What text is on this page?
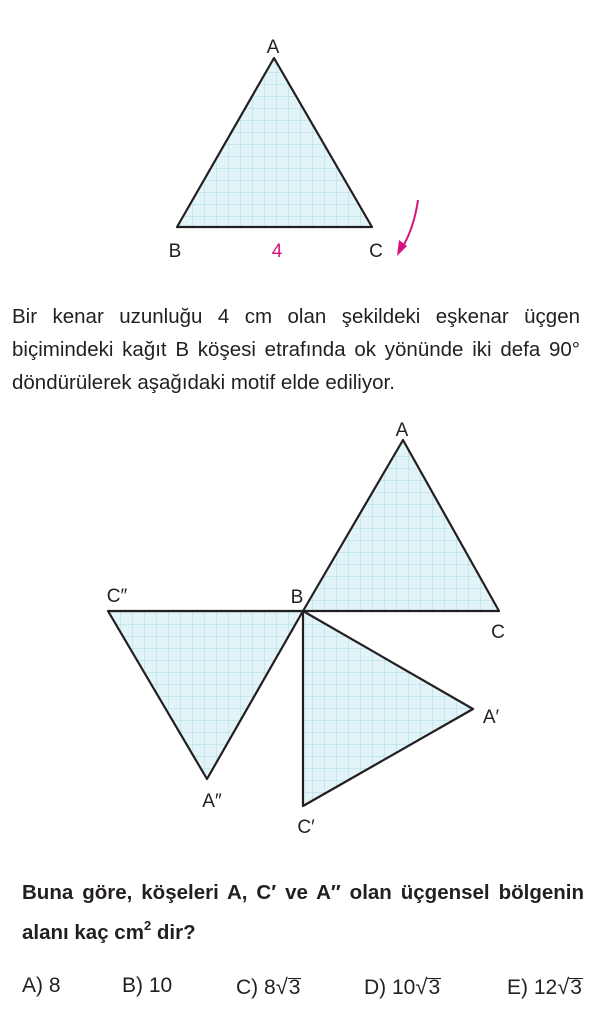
A
B	C
4
A
B
C
A′
C′
A″
C″

Bir kenar uzunluğu 4 cm olan şekildeki eşkenar üçgen biçimindeki kağıt B köşesi etrafında ok yönünde iki defa 90° döndürülerek aşağıdaki motif elde ediliyor.

Buna göre, köşeleri A, C′ ve A″ olan üçgensel bölgenin alanı kaç $cm^2$ dir?

A) 8	B) 10	C) 8√3	D) 10√3	E) 12√3
